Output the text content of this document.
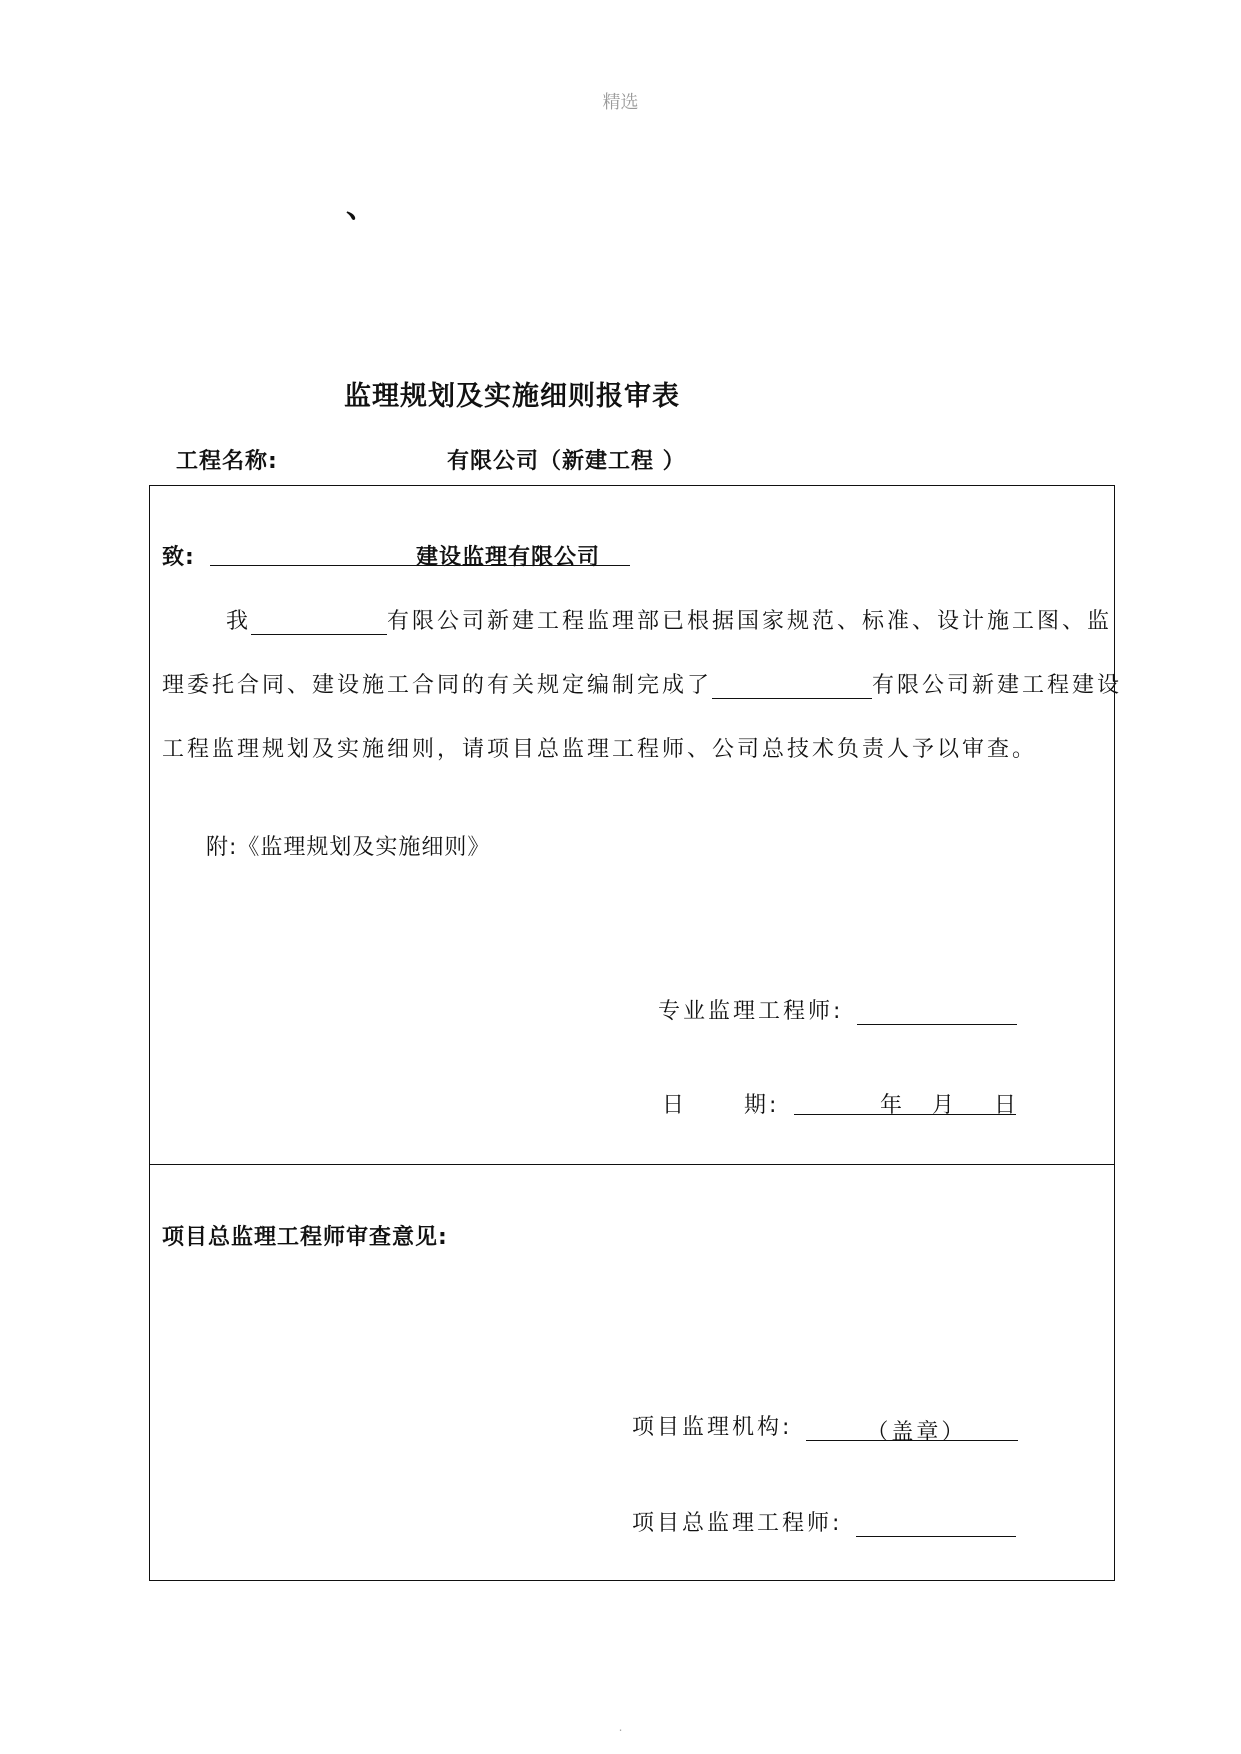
精选
、
监理规划及实施细则报审表
工程名称:	有限公司（新建工程 ）
致:	建设监理有限公司
我	有限公司新建工程监理部已根据国家规范、标准、设计施工图、监
理委托合同、建设施工合同的有关规定编制完成了	有限公司新建工程建设
工程监理规划及实施细则，请项目总监理工程师、公司总技术负责人予以审查。
附:《监理规划及实施细则》
专业监理工程师:
日	期:	年 月 日
项目总监理工程师审查意见:
项目监理机构:	（盖章）
项目总监理工程师:
.
